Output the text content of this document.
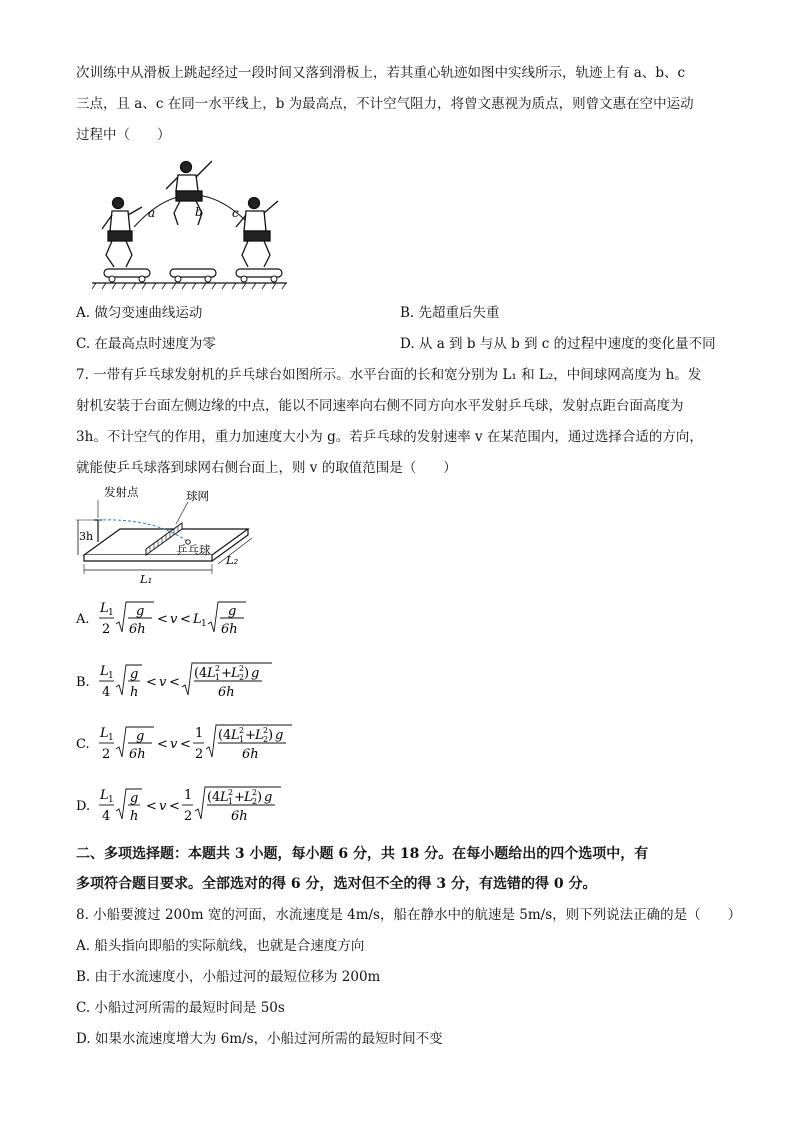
次训练中从滑板上跳起经过一段时间又落到滑板上，若其重心轨迹如图中实线所示，轨迹上有 a、b、c
三点，且 a、c 在同一水平线上，b 为最高点，不计空气阻力，将曾文惠视为质点，则曾文惠在空中运动
过程中（　　）
a	b c
A. 做匀变速曲线运动	B. 先超重后失重
C. 在最高点时速度为零	D. 从 a 到 b 与从 b 到 c 的过程中速度的变化量不同
7. 一带有乒乓球发射机的乒乓球台如图所示。水平台面的长和宽分别为 L₁ 和 L₂，中间球网高度为 h。发
射机安装于台面左侧边缘的中点，能以不同速率向右侧不同方向水平发射乒乓球，发射点距台面高度为
3h。不计空气的作用，重力加速度大小为 g。若乒乓球的发射速率 v 在某范围内，通过选择合适的方向，
就能使乒乓球落到球网右侧台面上，则 v 的取值范围是（　　）
发射点	球网
乒乓球
3h
L₁
L₂
A.
L 1
2
g
6h
< v < L 1
g
6h
B.
L 1
4
g
h
< v <
( 4 L 2
1 + L 2
2 ) g
6h
C.
L 1
2
g
6h
< v <
1
2
( 4 L 2
1 + L 2
2 ) g
6h
D.
L 1
4
g
h
< v <
1
2
( 4 L 2
1 + L 2
2 ) g
6h
二、多项选择题：本题共 3 小题，每小题 6 分，共 18 分。在每小题给出的四个选项中，有
多项符合题目要求。全部选对的得 6 分，选对但不全的得 3 分，有选错的得 0 分。
8. 小船要渡过 200m 宽的河面，水流速度是 4m/s，船在静水中的航速是 5m/s，则下列说法正确的是（　　）
A. 船头指向即船的实际航线，也就是合速度方向
B. 由于水流速度小，小船过河的最短位移为 200m
C. 小船过河所需的最短时间是 50s
D. 如果水流速度增大为 6m/s，小船过河所需的最短时间不变
